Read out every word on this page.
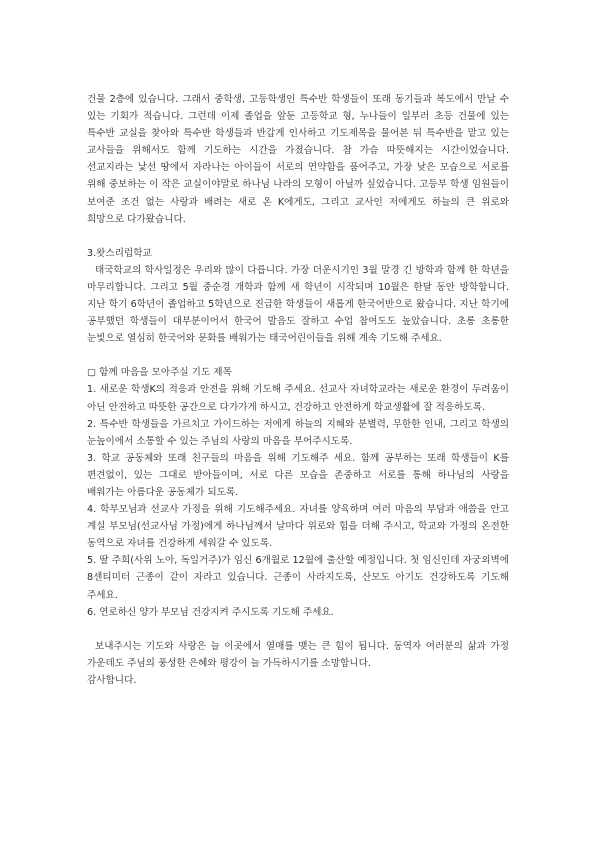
건물 2층에 있습니다. 그래서 중학생, 고등학생인 특수반 학생들이 또래 동기들과 복도에서 만날 수 있는 기회가 적습니다. 그런데 이제 졸업을 앞둔 고등학교 형, 누나들이 일부러 초등 건물에 있는 특수반 교실을 찾아와 특수반 학생들과 반갑게 인사하고 기도제목을 물어본 뒤 특수반을 맡고 있는 교사들을 위해서도 함께 기도하는 시간을 가졌습니다. 참 가슴 따뜻해지는 시간이었습니다. 선교지라는 낯선 땅에서 자라나는 아이들이 서로의 연약함을 품어주고, 가장 낮은 모습으로 서로를 위해 중보하는 이 작은 교실이야말로 하나님 나라의 모형이 아닐까 싶었습니다. 고등부 학생 임원들이 보여준 조건 없는 사랑과 배려는 새로 온 K에게도, 그리고 교사인 저에게도 하늘의 큰 위로와 희망으로 다가왔습니다.

3.왓스리럽학교

태국학교의 학사일정은 우리와 많이 다릅니다. 가장 더운시기인 3월 말경 긴 방학과 함께 한 학년을 마무리합니다. 그리고 5월 중순경 개학과 함께 새 학년이 시작되며 10월은 한달 동안 방학합니다. 지난 학기 6학년이 졸업하고 5학년으로 진급한 학생들이 새롭게 한국어반으로 왔습니다. 지난 학기에 공부했던 학생들이 대부분이어서 한국어 발음도 잘하고 수업 참여도도 높았습니다. 초롱 초롱한 눈빛으로 열심히 한국어와 문화를 배워가는 태국어린이들을 위해 계속 기도해 주세요.

▢ 함께 마음을 모아주실 기도 제목

1. 새로운 학생K의 적응과 안전을 위해 기도해 주세요. 선교사 자녀학교라는 새로운 환경이 두려움이 아닌 안전하고 따뜻한 공간으로 다가가게 하시고, 건강하고 안전하게 학교생활에 잘 적응하도록.

2. 특수반 학생들을 가르치고 가이드하는 저에게 하늘의 지혜와 분별력, 무한한 인내, 그리고 학생의 눈높이에서 소통할 수 있는 주님의 사랑의 마음을 부어주시도록.

3. 학교 공동체와 또래 친구들의 마음을 위해 기도해주 세요. 함께 공부하는 또래 학생들이 K를 편견없이, 있는 그대로 받아들이며, 서로 다른 모습을 존중하고 서로를 통해 하나님의 사랑을 배워가는 아름다운 공동체가 되도록.

4. 학부모님과 선교사 가정을 위해 기도해주세요. 자녀를 양육하며 여러 마음의 부담과 애씀을 안고 계실 부모님(선교사님 가정)에게 하나님께서 날마다 위로와 힘을 더해 주시고, 학교와 가정의 온전한 동역으로 자녀를 건강하게 세워갈 수 있도록.

5. 딸 주희(사위 노아, 독일거주)가 임신 6개월로 12월에 출산할 예정입니다. 첫 임신인데 자궁외벽에 8센티미터 근종이 같이 자라고 있습니다. 근종이 사라지도록, 산모도 아기도 건강하도록 기도해 주세요.

6. 연로하신 양가 부모님 건강지켜 주시도록 기도해 주세요.

보내주시는 기도와 사랑은 늘 이곳에서 열매를 맺는 큰 힘이 됩니다. 동역자 여러분의 삶과 가정 가운데도 주님의 풍성한 은혜와 평강이 늘 가득하시기를 소망합니다.

감사합니다.
